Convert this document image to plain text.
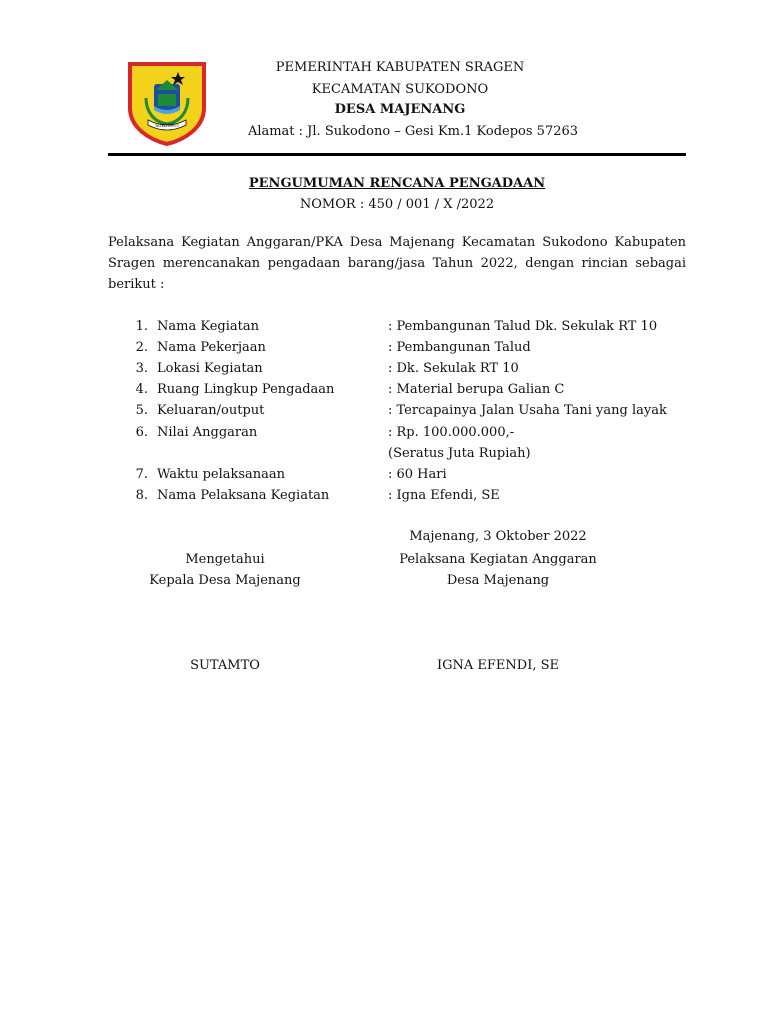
SUKOWATI
PEMERINTAH KABUPATEN SRAGEN
KECAMATAN SUKODONO
DESA MAJENANG
Alamat : Jl. Sukodono – Gesi Km.1 Kodepos 57263
PENGUMUMAN RENCANA PENGADAAN
NOMOR : 450 / 001 / X /2022
Pelaksana Kegiatan Anggaran/PKA Desa Majenang Kecamatan Sukodono Kabupaten Sragen merencanakan pengadaan barang/jasa Tahun 2022, dengan rincian sebagai berikut :
1. Nama Kegiatan	: Pembangunan Talud Dk. Sekulak RT 10
2. Nama Pekerjaan	: Pembangunan Talud
3. Lokasi Kegiatan	: Dk. Sekulak RT 10
4. Ruang Lingkup Pengadaan	: Material berupa Galian C
5. Keluaran/output	: Tercapainya Jalan Usaha Tani yang layak
6. Nilai Anggaran	: Rp. 100.000.000,-
(Seratus Juta Rupiah)
7. Waktu pelaksanaan	: 60 Hari
8. Nama Pelaksana Kegiatan	: Igna Efendi, SE
Majenang, 3 Oktober 2022
Mengetahui
Kepala Desa Majenang
Pelaksana Kegiatan Anggaran
Desa Majenang
SUTAMTO	IGNA EFENDI, SE
